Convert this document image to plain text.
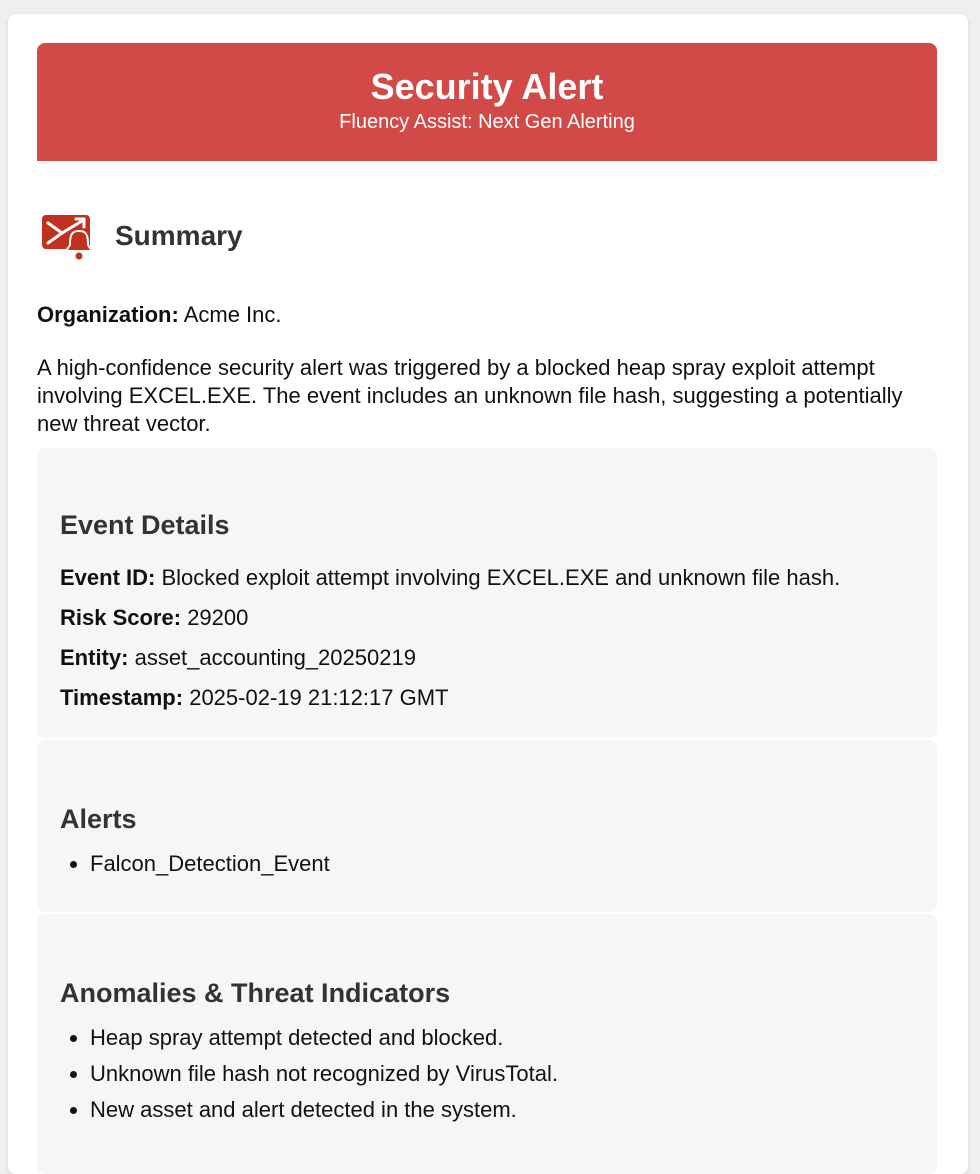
Security Alert
Fluency Assist: Next Gen Alerting
Summary
Organization: Acme Inc.

A high-confidence security alert was triggered by a blocked heap spray exploit attempt involving EXCEL.EXE. The event includes an unknown file hash, suggesting a potentially new threat vector.

Event Details
Event ID: Blocked exploit attempt involving EXCEL.EXE and unknown file hash.
Risk Score: 29200
Entity: asset_accounting_20250219
Timestamp: 2025-02-19 21:12:17 GMT
Alerts
• Falcon_Detection_Event
Anomalies & Threat Indicators
• Heap spray attempt detected and blocked.
• Unknown file hash not recognized by VirusTotal.
• New asset and alert detected in the system.
